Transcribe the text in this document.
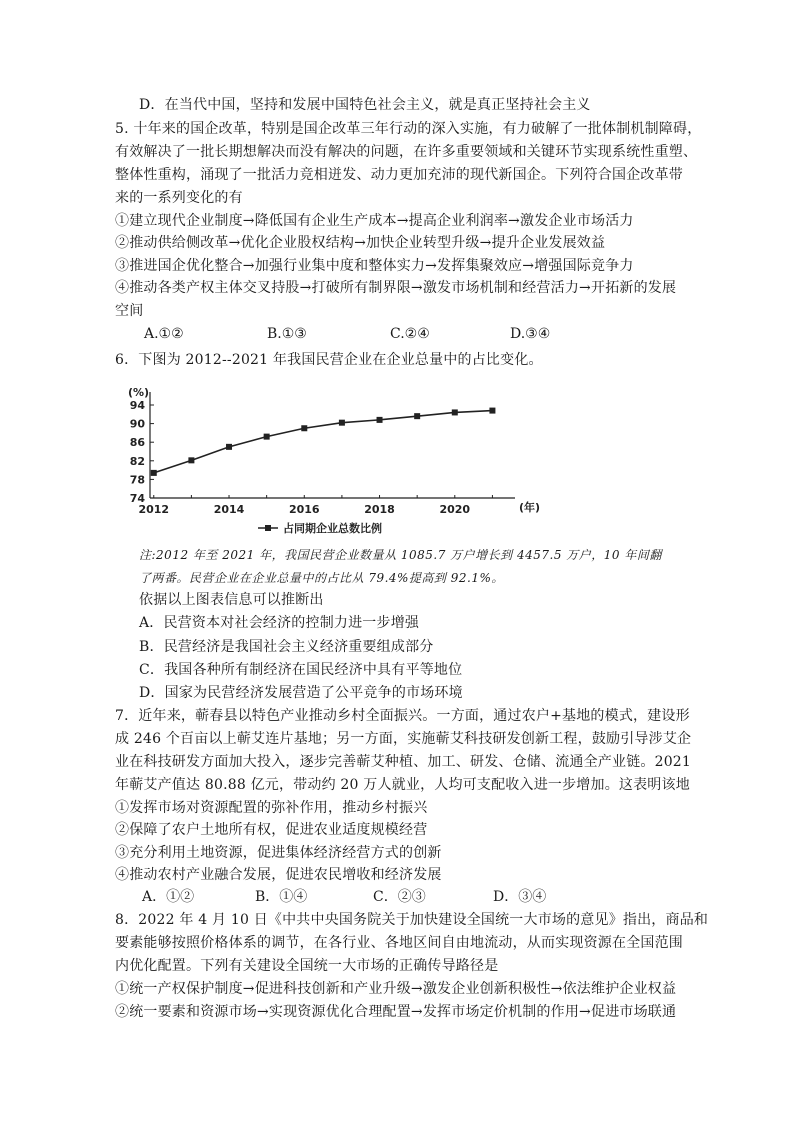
D．在当代中国，坚持和发展中国特色社会主义，就是真正坚持社会主义
5. 十年来的国企改革，特别是国企改革三年行动的深入实施，有力破解了一批体制机制障碍，
有效解决了一批长期想解决而没有解决的问题，在许多重要领域和关键环节实现系统性重塑、
整体性重构，涌现了一批活力竞相迸发、动力更加充沛的现代新国企。下列符合国企改革带
来的一系列变化的有
①建立现代企业制度→降低国有企业生产成本→提高企业利润率→激发企业市场活力
②推动供给侧改革→优化企业股权结构→加快企业转型升级→提升企业发展效益
③推进国企优化整合→加强行业集中度和整体实力→发挥集聚效应→增强国际竞争力
④推动各类产权主体交叉持股→打破所有制界限→激发市场机制和经营活力→开拓新的发展
空间
A.①②	B.①③	C.②④	D.③④
6．下图为 2012--2021 年我国民营企业在企业总量中的占比变化。
(%)
(年)
74
78
82
86
90
94
2012	2014	2016	2018	2020
占同期企业总数比例
注:2012 年至 2021 年，我国民营企业数量从 1085.7 万户增长到 4457.5 万户，10 年间翻
了两番。民营企业在企业总量中的占比从 79.4%提高到 92.1%。
依据以上图表信息可以推断出
A．民营资本对社会经济的控制力进一步增强
B．民营经济是我国社会主义经济重要组成部分
C．我国各种所有制经济在国民经济中具有平等地位
D．国家为民营经济发展营造了公平竞争的市场环境
7．近年来，蕲春县以特色产业推动乡村全面振兴。一方面，通过农户+基地的模式，建设形
成 246 个百亩以上蕲艾连片基地；另一方面，实施蕲艾科技研发创新工程，鼓励引导涉艾企
业在科技研发方面加大投入，逐步完善蕲艾种植、加工、研发、仓储、流通全产业链。2021
年蕲艾产值达 80.88 亿元，带动约 20 万人就业，人均可支配收入进一步增加。这表明该地
①发挥市场对资源配置的弥补作用，推动乡村振兴
②保障了农户土地所有权，促进农业适度规模经营
③充分利用土地资源，促进集体经济经营方式的创新
④推动农村产业融合发展，促进农民增收和经济发展
A．①②	B．①④	C．②③	D．③④
8．2022 年 4 月 10 日《中共中央国务院关于加快建设全国统一大市场的意见》指出，商品和
要素能够按照价格体系的调节，在各行业、各地区间自由地流动，从而实现资源在全国范围
内优化配置。下列有关建设全国统一大市场的正确传导路径是
①统一产权保护制度→促进科技创新和产业升级→激发企业创新积极性→依法维护企业权益
②统一要素和资源市场→实现资源优化合理配置→发挥市场定价机制的作用→促进市场联通
